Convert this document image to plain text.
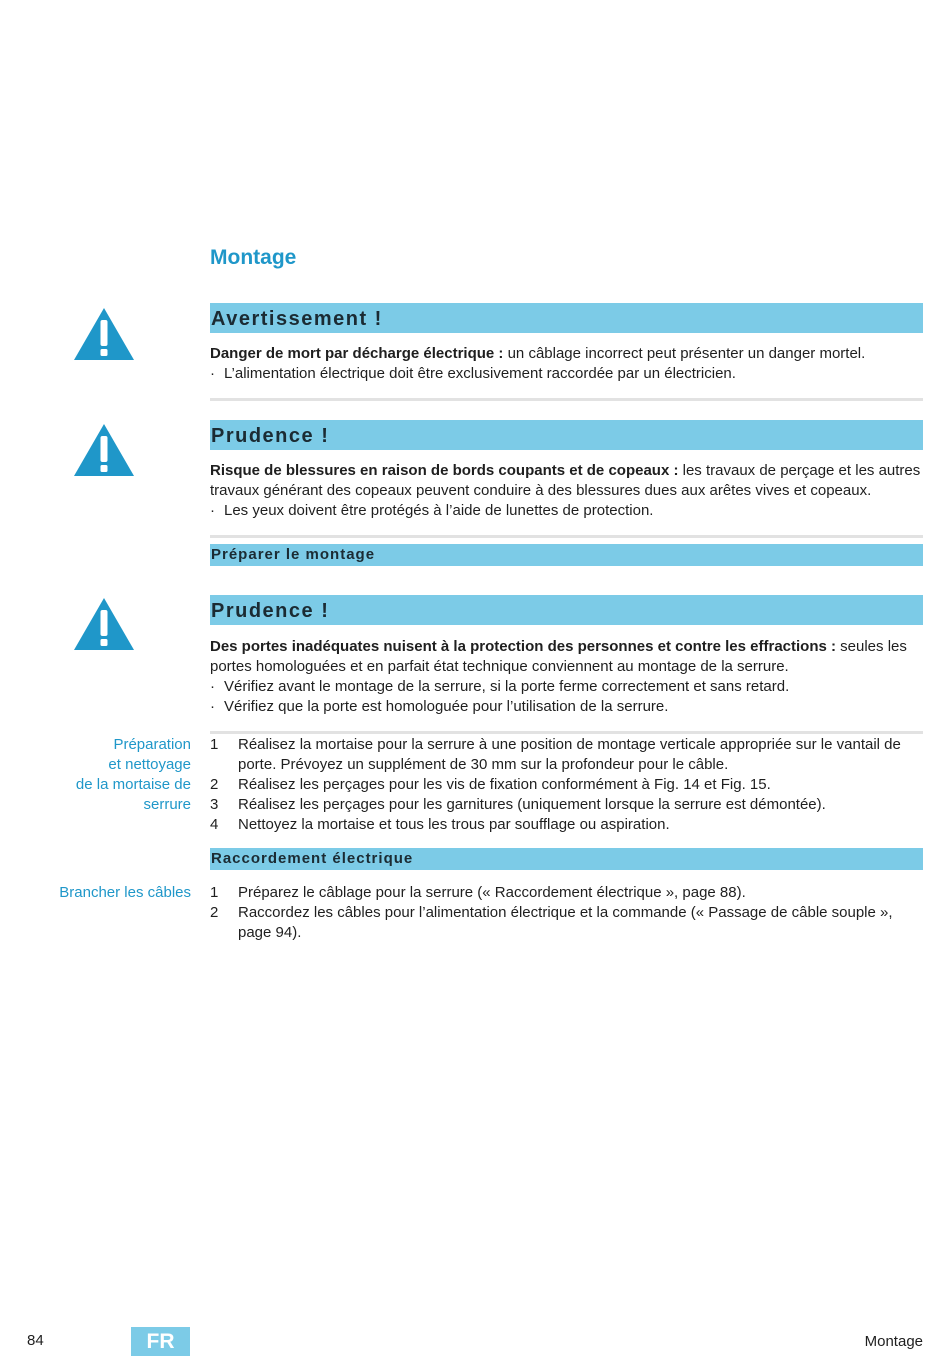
Montage
Avertissement !
Danger de mort par décharge électrique : un câblage incorrect peut présenter un danger mortel.
· L’alimentation électrique doit être exclusivement raccordée par un électricien.
Prudence !
Risque de blessures en raison de bords coupants et de copeaux : les travaux de perçage et les autres travaux générant des copeaux peuvent conduire à des blessures dues aux arêtes vives et copeaux.
· Les yeux doivent être protégés à l’aide de lunettes de protection.
Préparer le montage
Prudence !
Des portes inadéquates nuisent à la protection des personnes et contre les effractions : seules les portes homologuées et en parfait état technique conviennent au montage de la serrure.
· Vérifiez avant le montage de la serrure, si la porte ferme correctement et sans retard.
· Vérifiez que la porte est homologuée pour l’utilisation de la serrure.
Préparation
et nettoyage
de la mortaise de
serrure
1 Réalisez la mortaise pour la serrure à une position de montage verticale appropriée sur le vantail de porte. Prévoyez un supplément de 30 mm sur la profondeur pour le câble.
2 Réalisez les perçages pour les vis de fixation conformément à Fig. 14 et Fig. 15.
3 Réalisez les perçages pour les garnitures (uniquement lorsque la serrure est démontée).
4 Nettoyez la mortaise et tous les trous par soufflage ou aspiration.
Raccordement électrique
Brancher les câbles 1 Préparez le câblage pour la serrure (« Raccordement électrique », page 88).
2 Raccordez les câbles pour l’alimentation électrique et la commande (« Passage de câble souple », page 94).
84	FR	Montage
